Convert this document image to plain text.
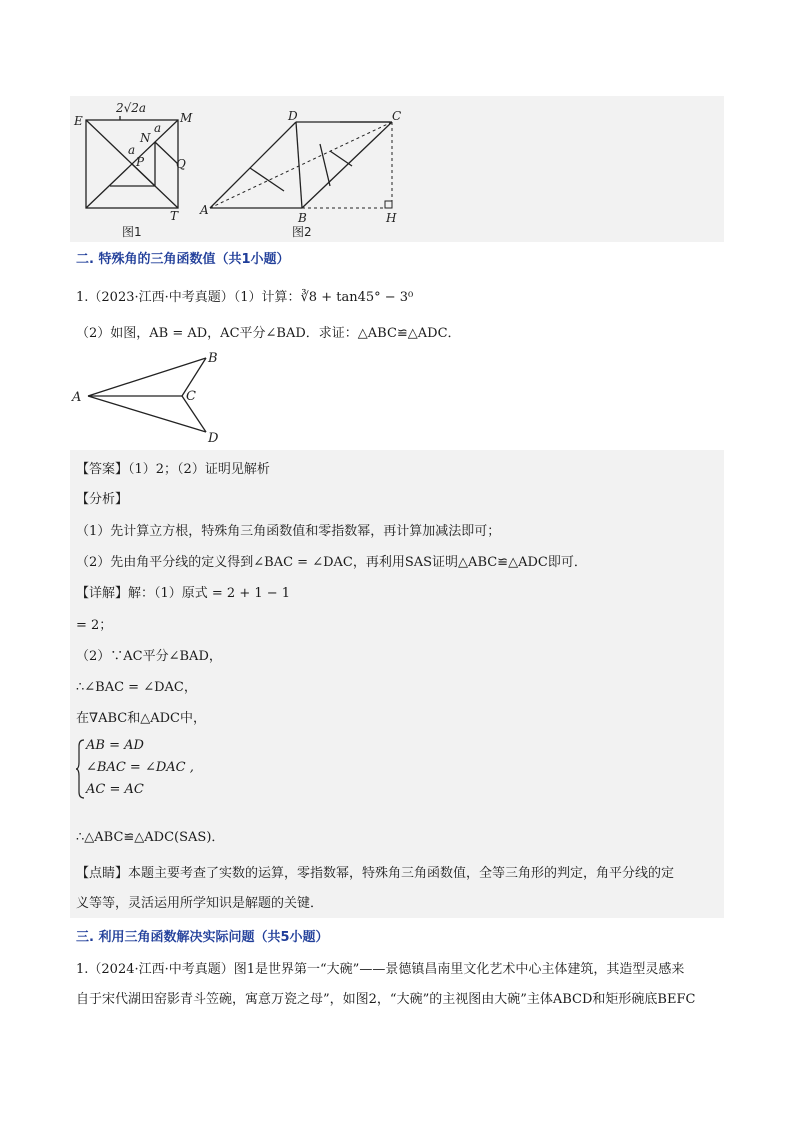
E	M
N
P	Q
T
a
a
2√2a
图1
A
B
C
D
H
图2
二. 特殊角的三角函数值（共1小题）
1.（2023·江西·中考真题）（1）计算：∛8 + tan45° − 3⁰
（2）如图，AB = AD，AC平分∠BAD．求证：△ABC≌△ADC．
A
B
C
D
【答案】（1）2；（2）证明见解析
【分析】
（1）先计算立方根，特殊角三角函数值和零指数幂，再计算加减法即可；
（2）先由角平分线的定义得到∠BAC = ∠DAC，再利用SAS证明△ABC≌△ADC即可．
【详解】解：（1）原式 = 2 + 1 − 1
= 2；
（2）∵AC平分∠BAD，
∴∠BAC = ∠DAC，
在∇ABC和△ADC中，
AB = AD
∠BAC = ∠DAC ,
AC = AC
∴△ABC≌△ADC(SAS)．
【点睛】本题主要考查了实数的运算，零指数幂，特殊角三角函数值，全等三角形的判定，角平分线的定
义等等，灵活运用所学知识是解题的关键．
三. 利用三角函数解决实际问题（共5小题）
1.（2024·江西·中考真题）图1是世界第一“大碗”——景德镇昌南里文化艺术中心主体建筑，其造型灵感来
自于宋代湖田窑影青斗笠碗，寓意万瓷之母”，如图2，“大碗”的主视图由大碗”主体ABCD和矩形碗底BEFC
